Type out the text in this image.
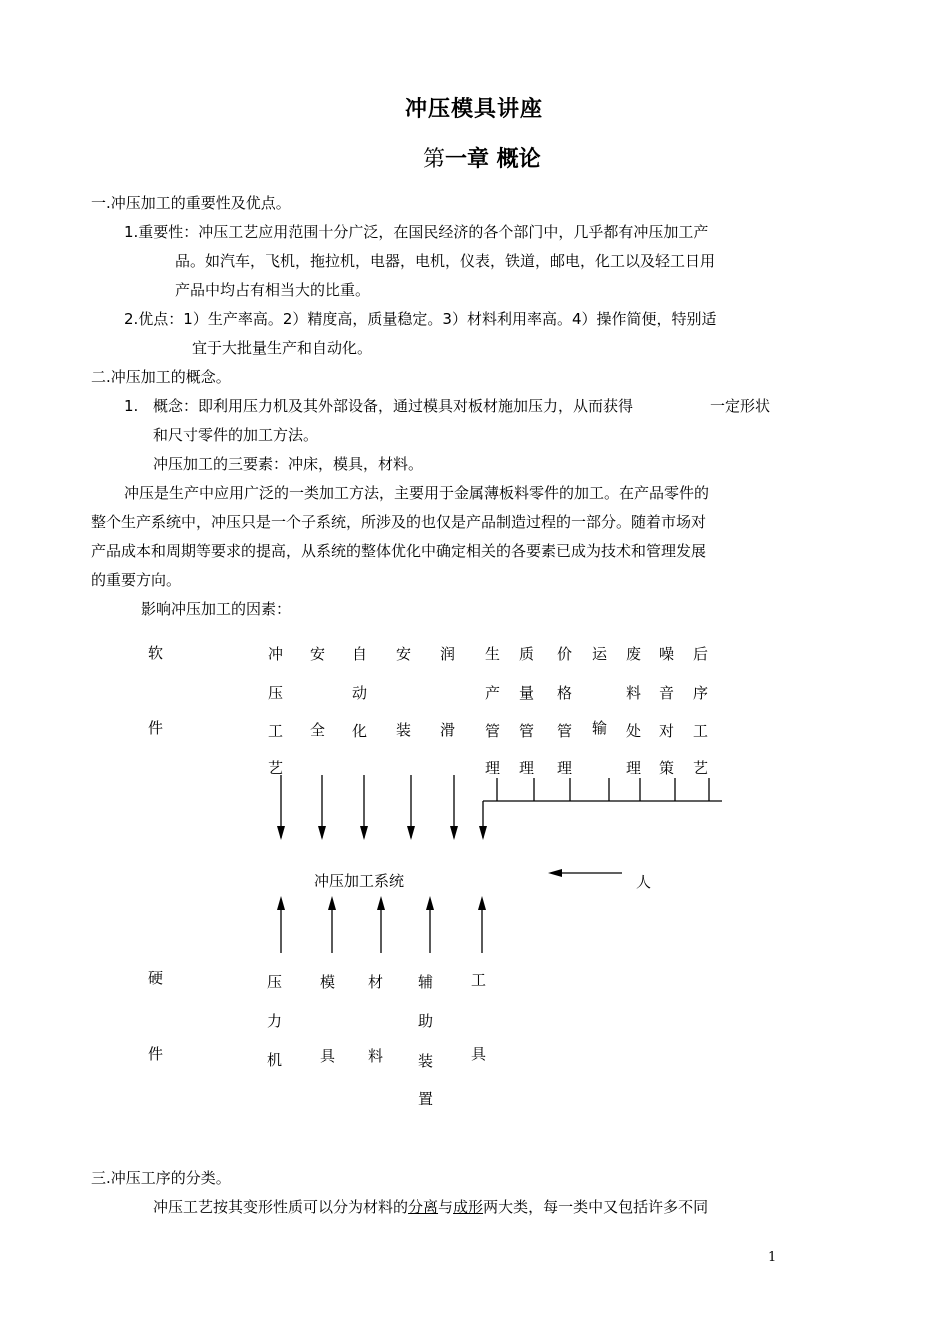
冲压模具讲座
第一章 概论
一.冲压加工的重要性及优点。
1.重要性：冲压工艺应用范围十分广泛，在国民经济的各个部门中，几乎都有冲压加工产
品。如汽车，飞机，拖拉机，电器，电机，仪表，铁道，邮电，化工以及轻工日用
产品中均占有相当大的比重。
2.优点：1）生产率高。2）精度高，质量稳定。3）材料利用率高。4）操作简便，特别适
宜于大批量生产和自动化。
二.冲压加工的概念。
1. 概念：即利用压力机及其外部设备，通过模具对板材施加压力，从而获得	一定形状
和尺寸零件的加工方法。
冲压加工的三要素：冲床，模具，材料。
冲压是生产中应用广泛的一类加工方法，主要用于金属薄板料零件的加工。在产品零件的
整个生产系统中，冲压只是一个子系统，所涉及的也仅是产品制造过程的一部分。随着市场对
产品成本和周期等要求的提高，从系统的整体优化中确定相关的各要素已成为技术和管理发展
的重要方向。
影响冲压加工的因素：
软
件
硬
件
冲压加工系统	人
冲
压
工
艺
安
全
自
动
化
安
装
润
滑
生
产
管
理
质
量
管
理
价
格
管
理
运
输
废
料
处
理
噪
音
对
策
后
序
工
艺
压
力
机
模
具
材
料
辅
助
装
置
工
具
三.冲压工序的分类。
冲压工艺按其变形性质可以分为材料的分离与成形两大类，每一类中又包括许多不同
1
